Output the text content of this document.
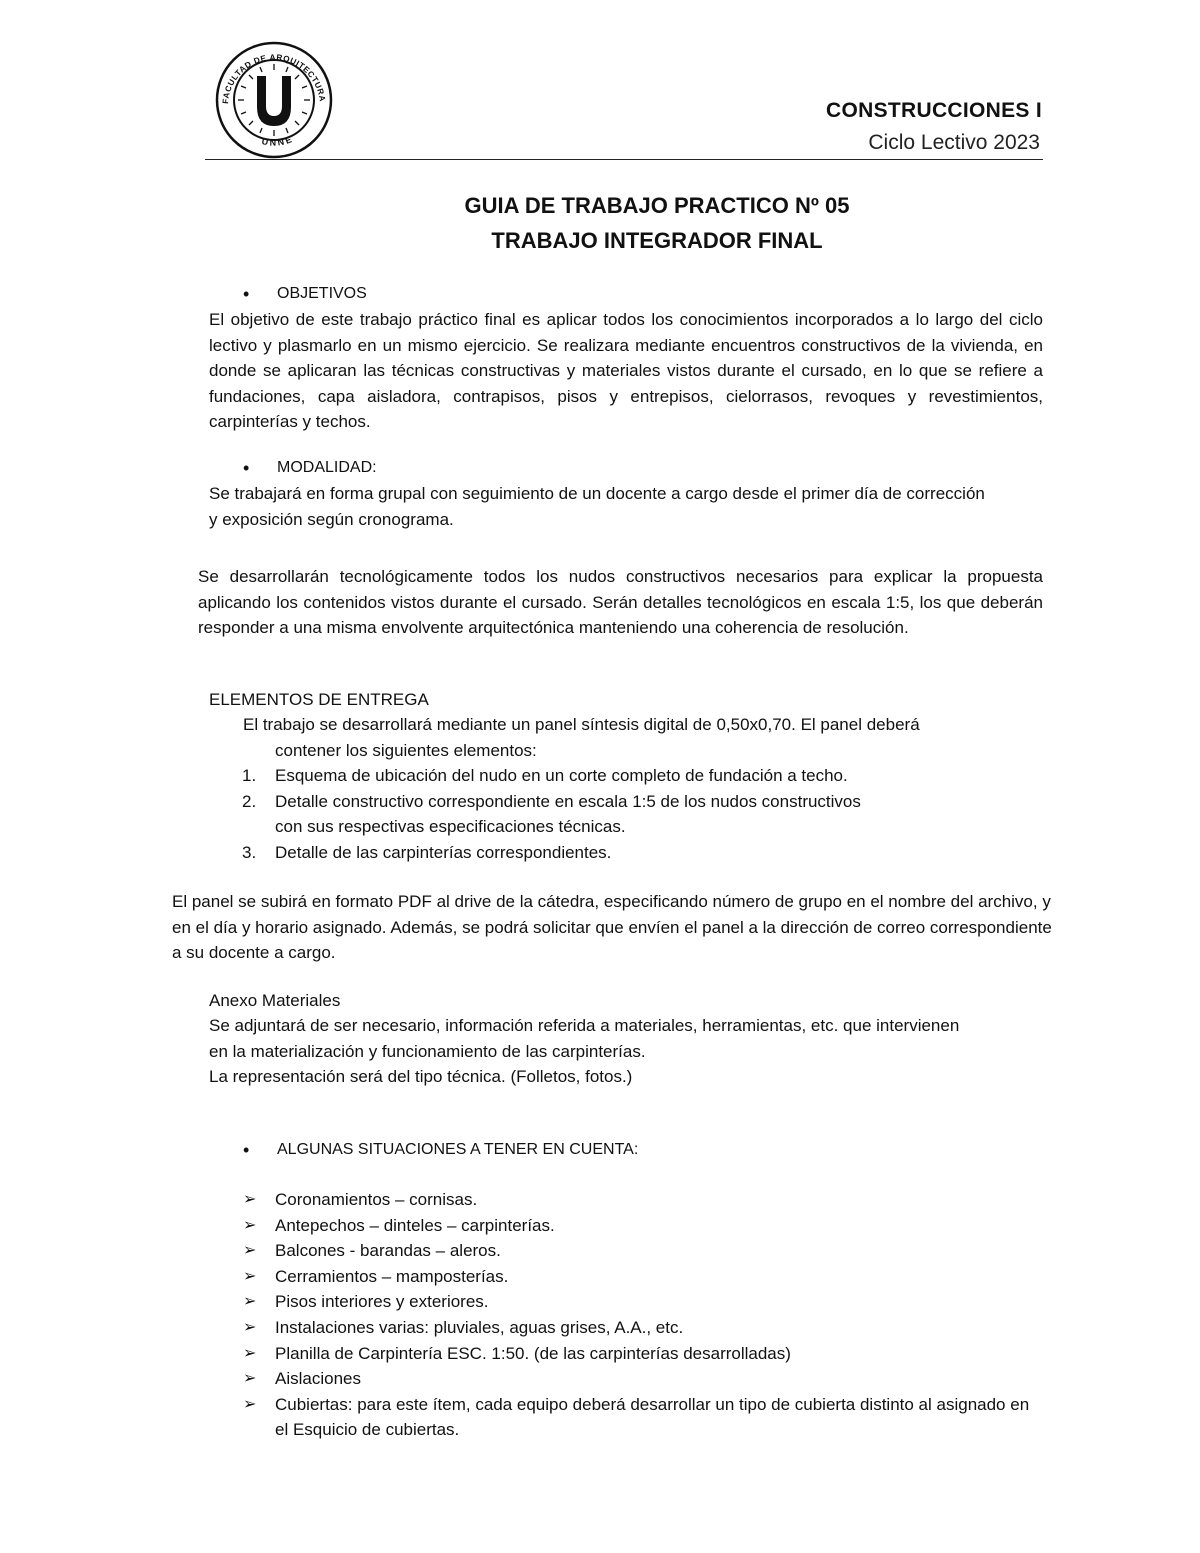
FACULTAD DE ARQUITECTURA
UNNE
CONSTRUCCIONES I
Ciclo Lectivo 2023
GUIA DE TRABAJO PRACTICO Nº 05
TRABAJO INTEGRADOR FINAL
• OBJETIVOS
El objetivo de este trabajo práctico final es aplicar todos los conocimientos incorporados a lo largo del ciclo lectivo y plasmarlo en un mismo ejercicio. Se realizara mediante encuentros constructivos de la vivienda, en donde se aplicaran las técnicas constructivas y materiales vistos durante el cursado, en lo que se refiere a fundaciones, capa aisladora, contrapisos, pisos y entrepisos, cielorrasos, revoques y revestimientos, carpinterías y techos.
• MODALIDAD:
Se trabajará en forma grupal con seguimiento de un docente a cargo desde el primer día de corrección y exposición según cronograma.
Se desarrollarán tecnológicamente todos los nudos constructivos necesarios para explicar la propuesta aplicando los contenidos vistos durante el cursado. Serán detalles tecnológicos en escala 1:5, los que deberán responder a una misma envolvente arquitectónica manteniendo una coherencia de resolución.
ELEMENTOS DE ENTREGA
El trabajo se desarrollará mediante un panel síntesis digital de 0,50x0,70. El panel deberá
contener los siguientes elementos:
1. Esquema de ubicación del nudo en un corte completo de fundación a techo.
2. Detalle constructivo correspondiente en escala 1:5 de los nudos constructivos
con sus respectivas especificaciones técnicas.
3. Detalle de las carpinterías correspondientes.
El panel se subirá en formato PDF al drive de la cátedra, especificando número de grupo en el nombre del archivo, y en el día y horario asignado. Además, se podrá solicitar que envíen el panel a la dirección de correo correspondiente a su docente a cargo.
Anexo Materiales
Se adjuntará de ser necesario, información referida a materiales, herramientas, etc. que intervienen
en la materialización y funcionamiento de las carpinterías.
La representación será del tipo técnica. (Folletos, fotos.)
• ALGUNAS SITUACIONES A TENER EN CUENTA:
➢ Coronamientos – cornisas.
➢ Antepechos – dinteles – carpinterías.
➢ Balcones - barandas – aleros.
➢ Cerramientos – mamposterías.
➢ Pisos interiores y exteriores.
➢ Instalaciones varias: pluviales, aguas grises, A.A., etc.
➢ Planilla de Carpintería ESC. 1:50. (de las carpinterías desarrolladas)
➢ Aislaciones
➢ Cubiertas: para este ítem, cada equipo deberá desarrollar un tipo de cubierta distinto al asignado en el Esquicio de cubiertas.
